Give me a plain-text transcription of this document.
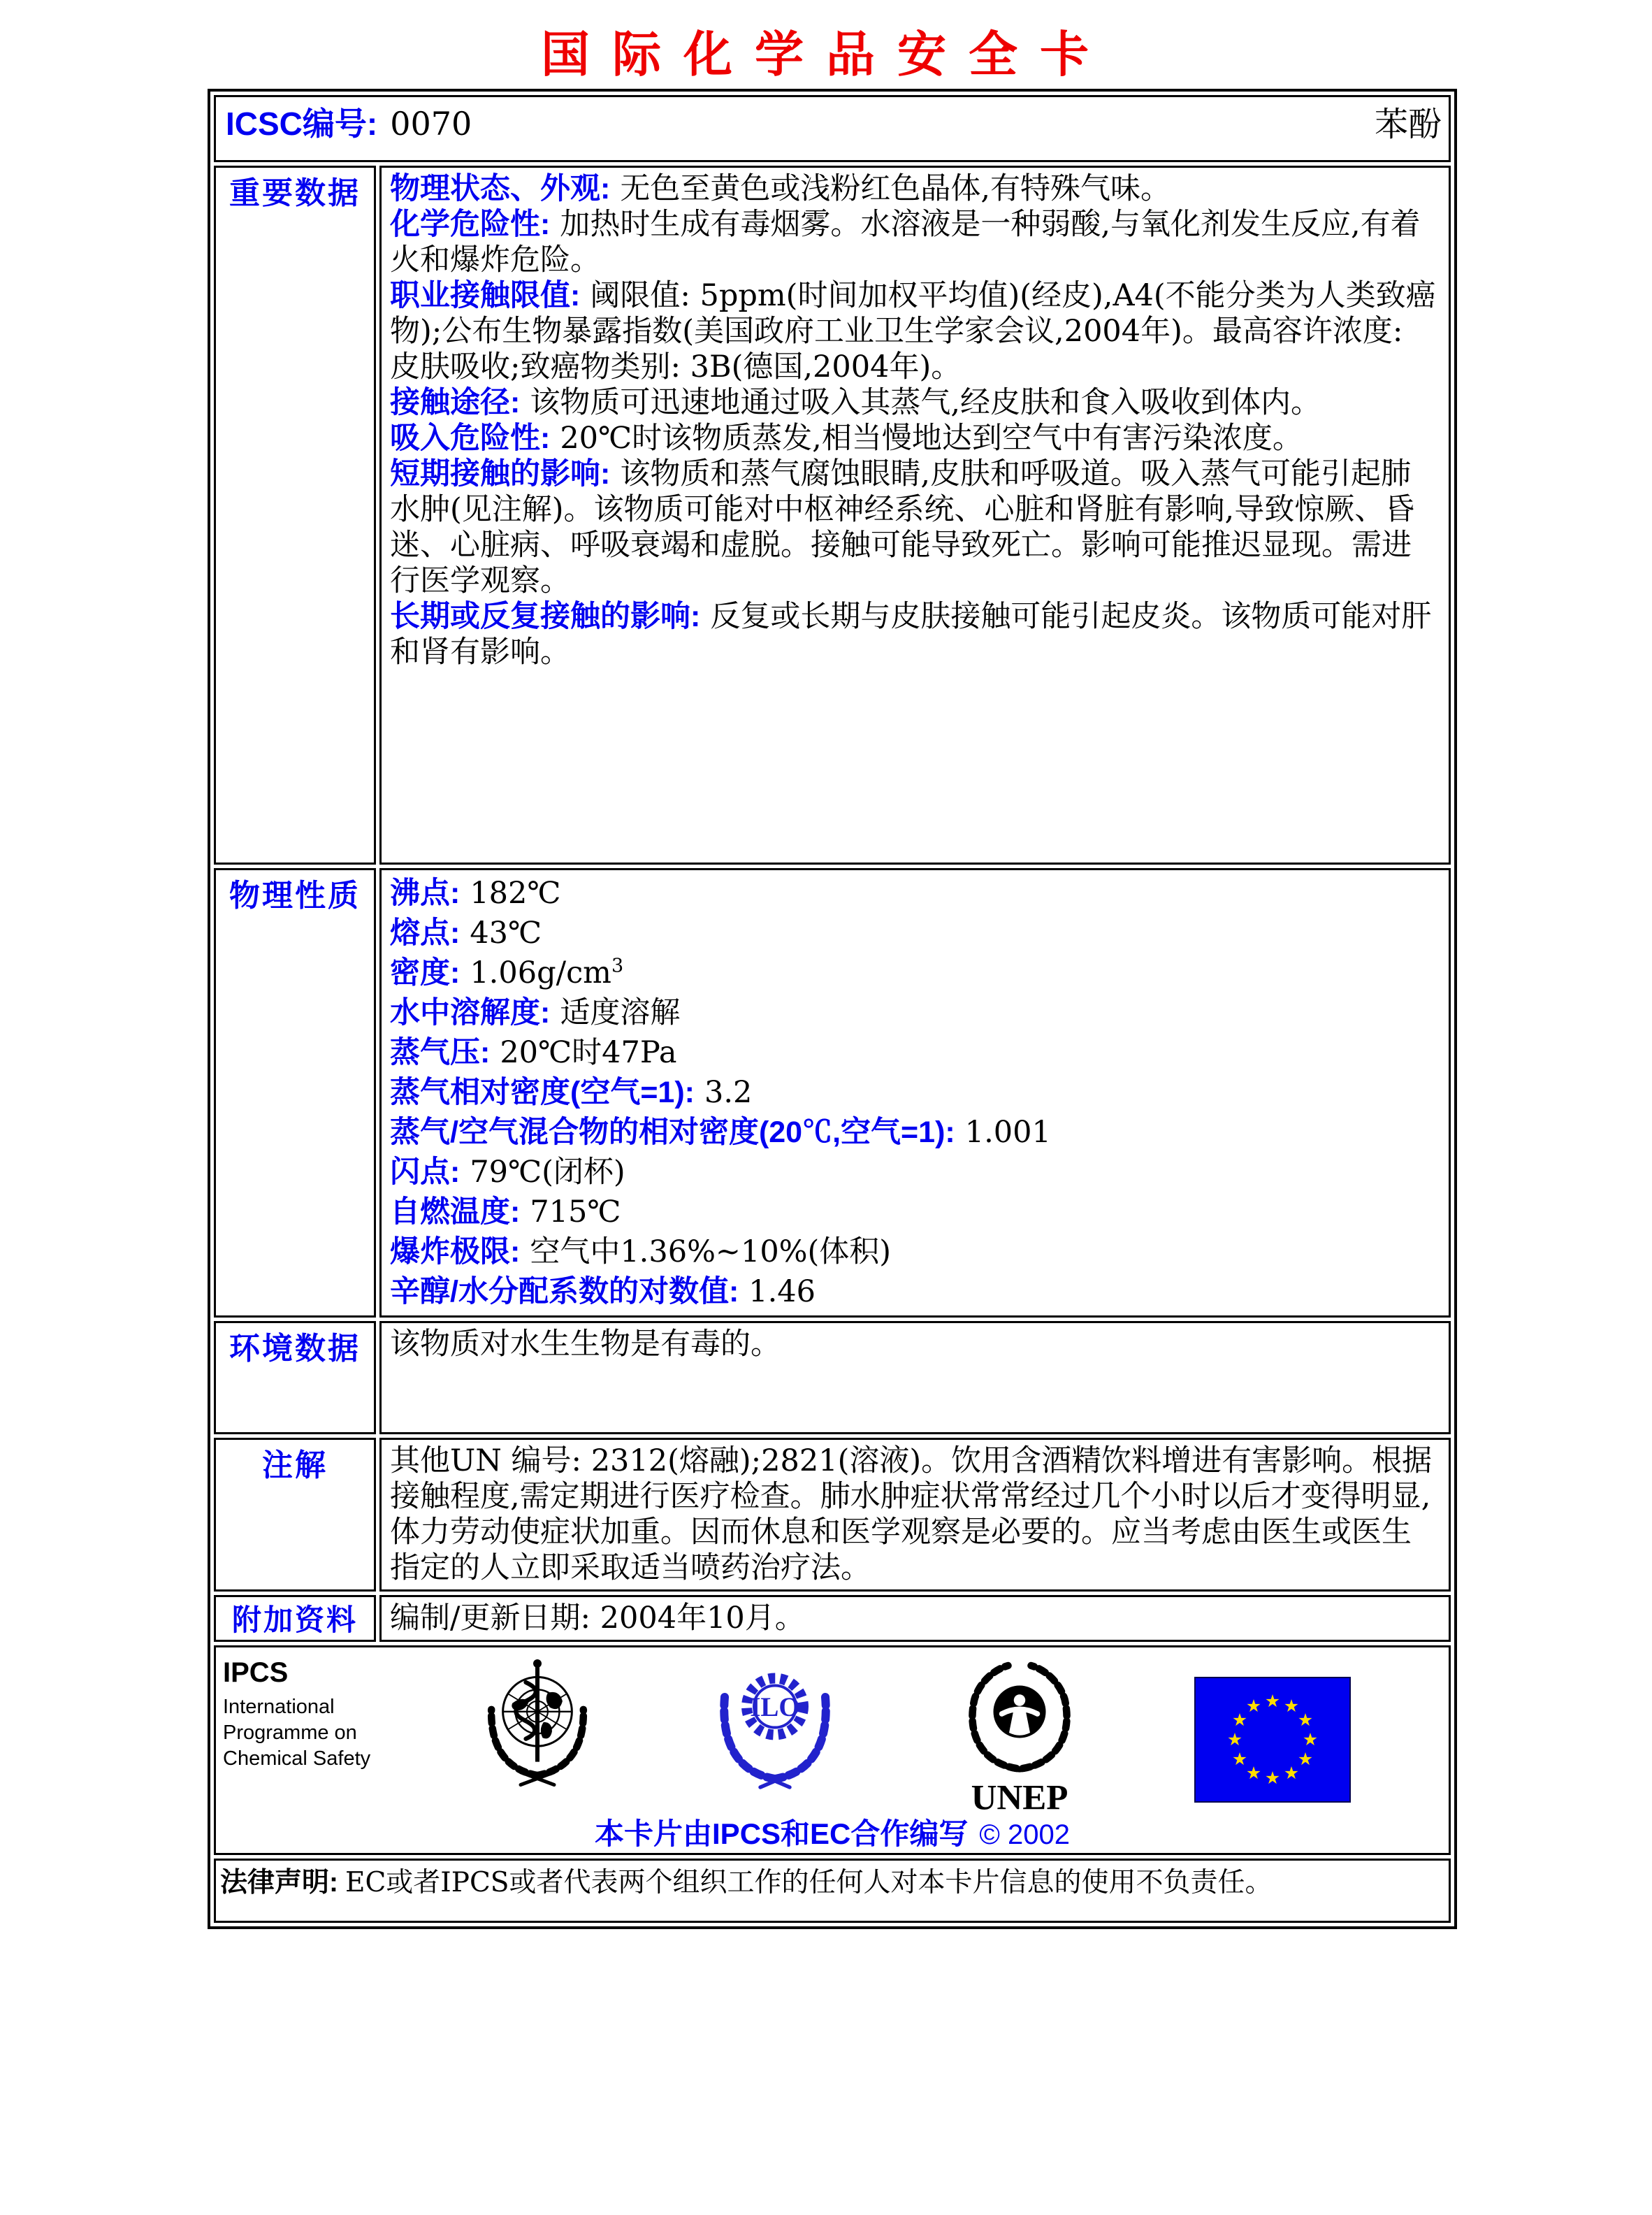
国际化学品安全卡
ICSC编号: 0070 苯酚	

重要数据	物理状态、外观: 无色至黄色或浅粉红色晶体,有特殊气味。
化学危险性: 加热时生成有毒烟雾。水溶液是一种弱酸,与氧化剂发生反应,有着火和爆炸危险。
职业接触限值: 阈限值: 5ppm(时间加权平均值)(经皮),A4(不能分类为人类致癌物);公布生物暴露指数(美国政府工业卫生学家会议,2004年)。最高容许浓度: 皮肤吸收;致癌物类别: 3B(德国,2004年)。
接触途径: 该物质可迅速地通过吸入其蒸气,经皮肤和食入吸收到体内。
吸入危险性: 20℃时该物质蒸发,相当慢地达到空气中有害污染浓度。
短期接触的影响: 该物质和蒸气腐蚀眼睛,皮肤和呼吸道。吸入蒸气可能引起肺水肿(见注解)。该物质可能对中枢神经系统、心脏和肾脏有影响,导致惊厥、昏迷、心脏病、呼吸衰竭和虚脱。接触可能导致死亡。影响可能推迟显现。需进行医学观察。
长期或反复接触的影响: 反复或长期与皮肤接触可能引起皮炎。该物质可能对肝和肾有影响。

物理性质	沸点: 182℃
熔点: 43℃
密度: $1.06g/cm^3$
水中溶解度: 适度溶解
蒸气压: 20℃时47Pa
蒸气相对密度(空气=1): 3.2
蒸气/空气混合物的相对密度(20℃,空气=1): 1.001
闪点: 79℃(闭杯)
自燃温度: 715℃
爆炸极限: 空气中1.36%~10%(体积)
辛醇/水分配系数的对数值: 1.46

环境数据	该物质对水生生物是有毒的。

注解	其他UN 编号: 2312(熔融);2821(溶液)。饮用含酒精饮料增进有害影响。根据接触程度,需定期进行医疗检查。肺水肿症状常常经过几个小时以后才变得明显,体力劳动使症状加重。因而休息和医学观察是必要的。应当考虑由医生或医生指定的人立即采取适当喷药治疗法。

附加资料	编制/更新日期: 2004年10月。

IPCS
International
Programme on
Chemical Safety
ILO
UNEP
本卡片由IPCS和EC合作编写 © 2002

法律声明: EC或者IPCS或者代表两个组织工作的任何人对本卡片信息的使用不负责任。	
